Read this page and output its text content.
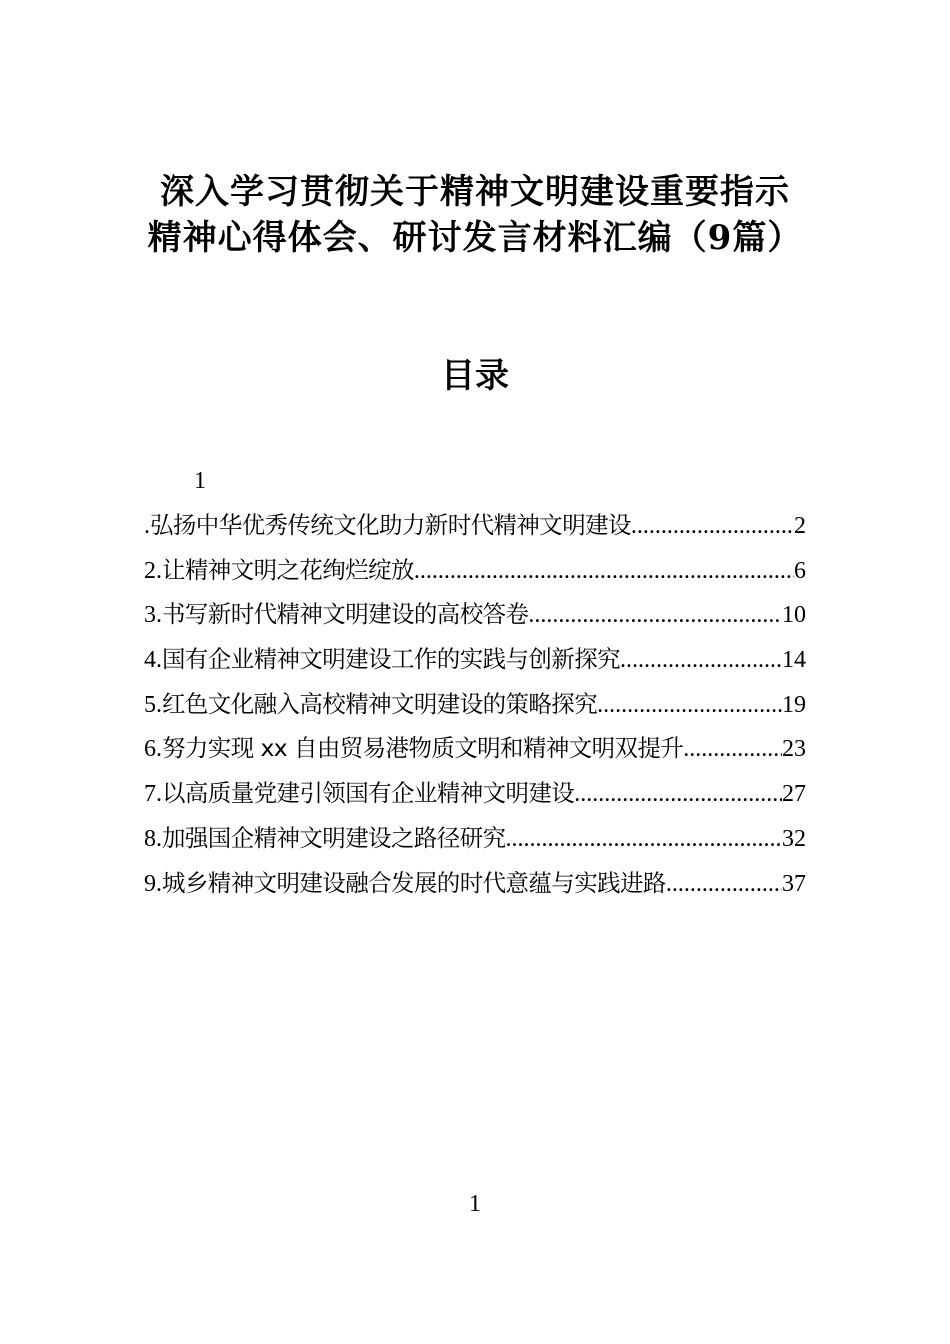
深入学习贯彻关于精神文明建设重要指示
精神心得体会、研讨发言材料汇编（9篇）
目录
1
. 弘扬中华优秀传统文化助力新时代精神文明建设 .....	2
2. 让精神文明之花绚烂绽放 .....	6
3. 书写新时代精神文明建设的高校答卷 .....	10
4. 国有企业精神文明建设工作的实践与创新探究 .....	14
5. 红色文化融入高校精神文明建设的策略探究 .....	19
6. 努力实现 xx 自由贸易港物质文明和精神文明双提升 .....	23
7. 以高质量党建引领国有企业精神文明建设 .....	27
8. 加强国企精神文明建设之路径研究 .....	32
9. 城乡精神文明建设融合发展的时代意蕴与实践进路 .....	37
1
